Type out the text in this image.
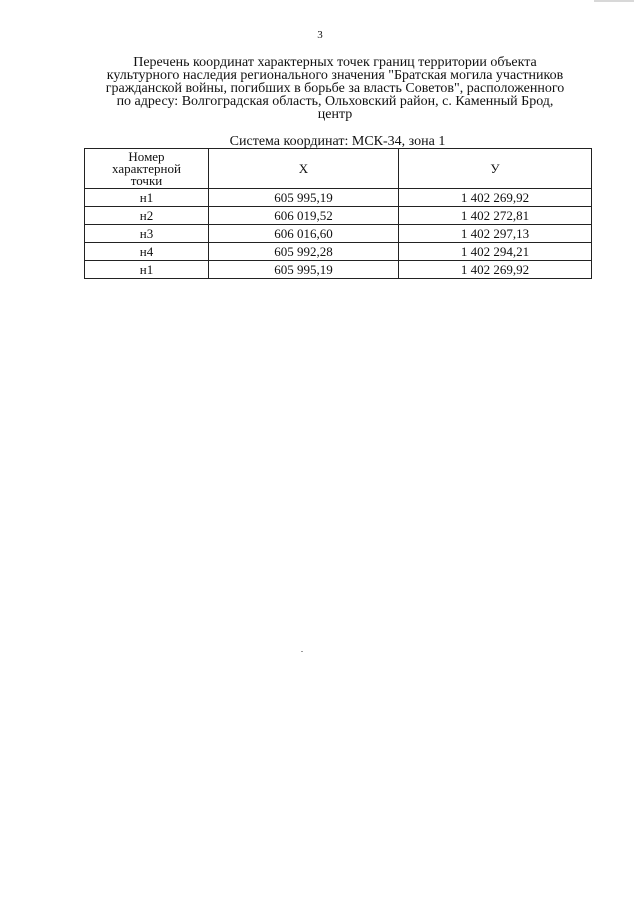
3
Перечень координат характерных точек границ территории объекта
культурного наследия регионального значения "Братская могила участников
гражданской войны, погибших в борьбе за власть Советов", расположенного
по адресу: Волгоградская область, Ольховский район, с. Каменный Брод,
центр
Система координат: МСК-34, зона 1
Номер
характерной
точки	X	У
н1	605 995,19	1 402 269,92
н2	606 019,52	1 402 272,81
н3	606 016,60	1 402 297,13
н4	605 992,28	1 402 294,21
н1	605 995,19	1 402 269,92
